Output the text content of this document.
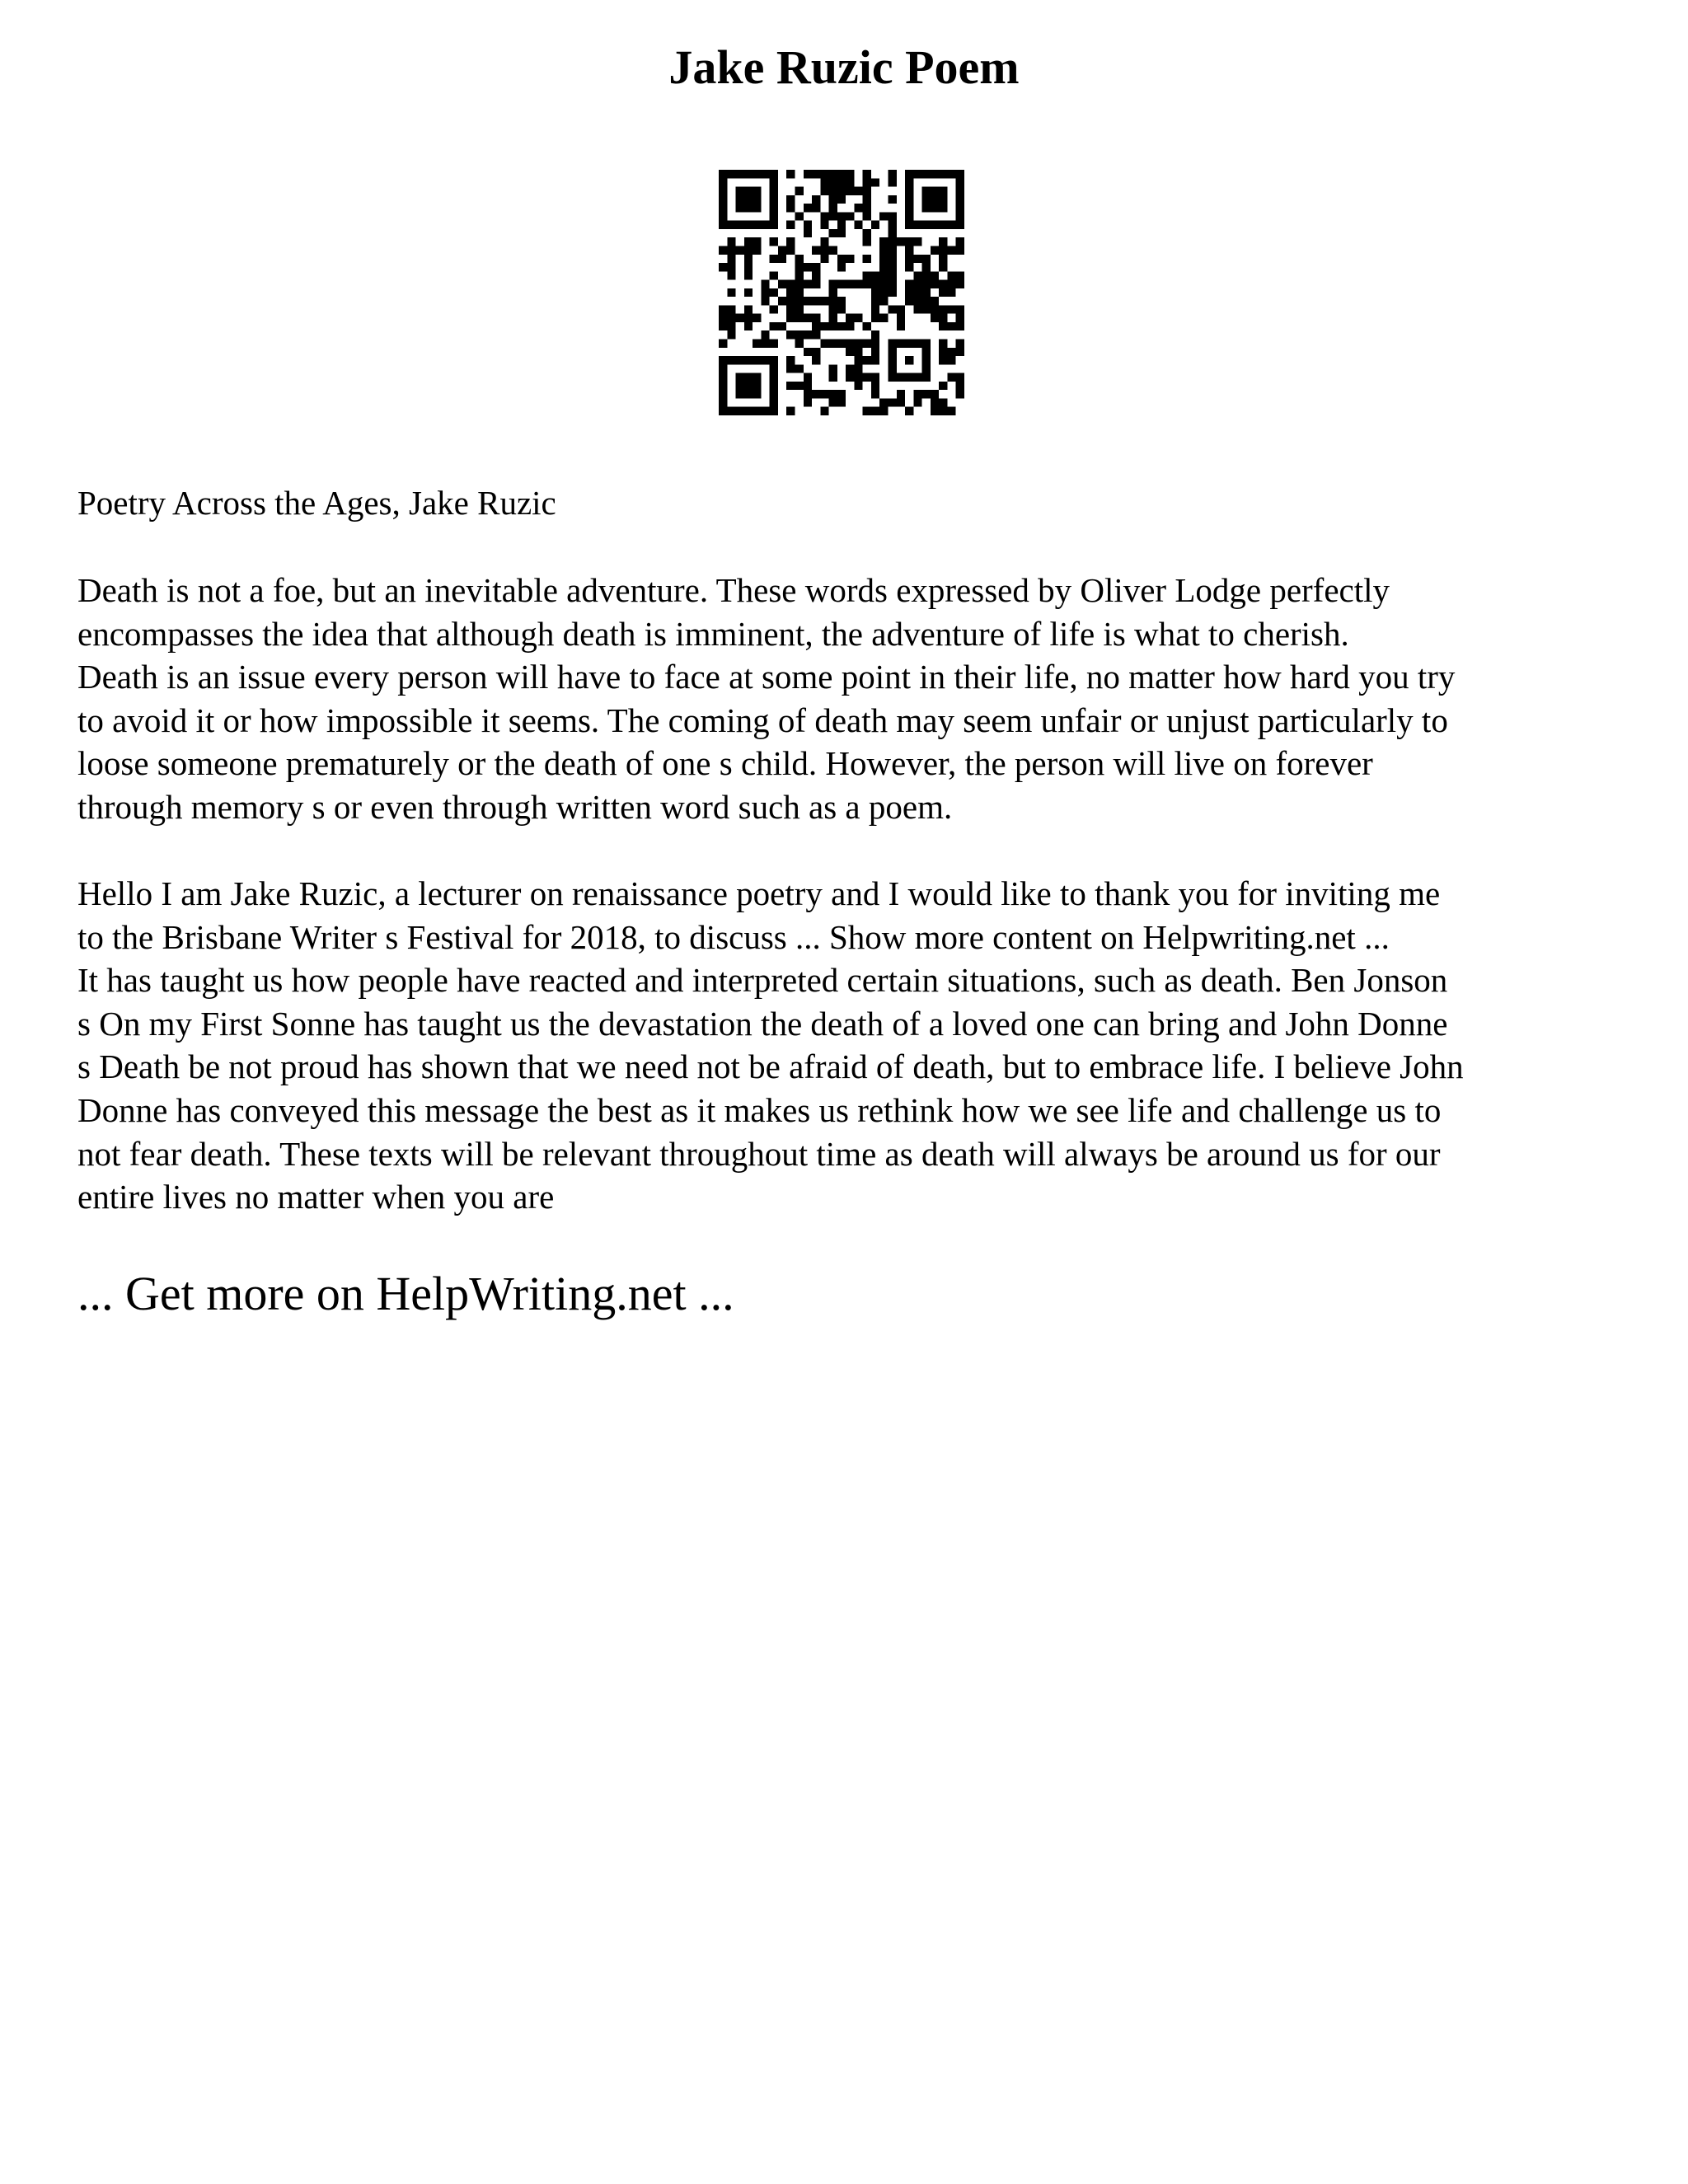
Jake Ruzic Poem

Poetry Across the Ages, Jake Ruzic

Death is not a foe, but an inevitable adventure. These words expressed by Oliver Lodge perfectly
encompasses the idea that although death is imminent, the adventure of life is what to cherish.
Death is an issue every person will have to face at some point in their life, no matter how hard you try
to avoid it or how impossible it seems. The coming of death may seem unfair or unjust particularly to
loose someone prematurely or the death of one s child. However, the person will live on forever
through memory s or even through written word such as a poem.

Hello I am Jake Ruzic, a lecturer on renaissance poetry and I would like to thank you for inviting me
to the Brisbane Writer s Festival for 2018, to discuss ... Show more content on Helpwriting.net ...
It has taught us how people have reacted and interpreted certain situations, such as death. Ben Jonson
s On my First Sonne has taught us the devastation the death of a loved one can bring and John Donne
s Death be not proud has shown that we need not be afraid of death, but to embrace life. I believe John
Donne has conveyed this message the best as it makes us rethink how we see life and challenge us to
not fear death. These texts will be relevant throughout time as death will always be around us for our
entire lives no matter when you are

... Get more on HelpWriting.net ...
